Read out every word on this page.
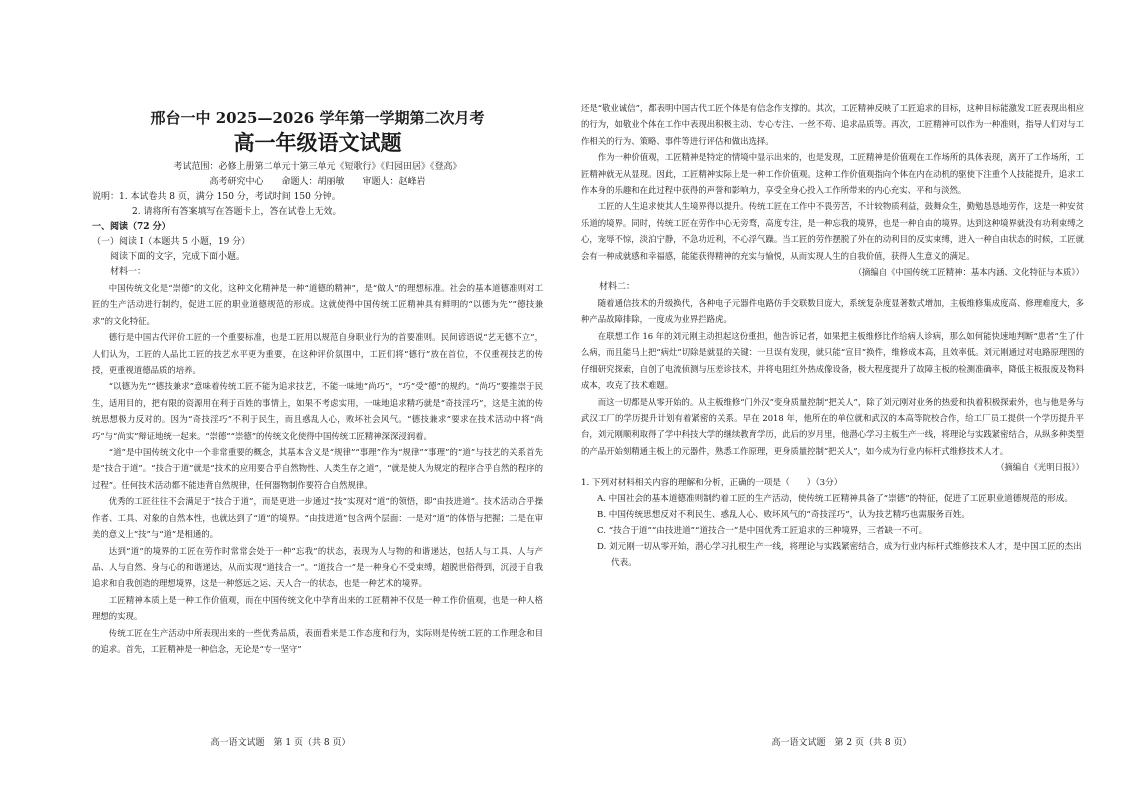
邢台一中 2025—2026 学年第一学期第二次月考

高一年级语文试题

考试范围：必修上册第二单元十第三单元《短歌行》《归园田居》《登高》

高考研究中心　　命题人：胡丽敏　　审题人：赵峰岩

说明：1. 本试卷共 8 页，满分 150 分，考试时间 150 分钟。

2. 请将所有答案填写在答题卡上，答在试卷上无效。

一、阅读（72 分）

（一）阅读 I（本题共 5 小题，19 分）

阅读下面的文字，完成下面小题。

材料一：

中国传统文化是“崇德”的文化，这种文化精神是一种“道德的精神”，是“做人”的理想标准。社会的基本道德准则对工匠的生产活动进行制约，促进工匠的职业道德规范的形成。这就使得中国传统工匠精神具有鲜明的“以德为先”“德技兼求”的文化特征。

德行是中国古代评价工匠的一个重要标准，也是工匠用以规范自身职业行为的首要准则。民间谚语说“艺无德不立”，人们认为，工匠的人品比工匠的技艺水平更为重要，在这种评价氛围中，工匠们将“德行”放在首位，不仅重视技艺的传授，更重视道德品质的培养。

“以德为先”“德技兼求”意味着传统工匠不能为追求技艺，不能一味地“尚巧”，“巧”受“德”的规约。“尚巧”要推崇于民生，适用目的，把有限的资源用在利于百姓的事情上，如果不考虑实用，一味地追求精巧就是“奇技淫巧”，这是主流的传统思想极力反对的。因为“奇技淫巧”不利于民生，而且惑乱人心，败坏社会风气。“德技兼求”要求在技术活动中将“尚巧”与“尚实”辩证地统一起来。“崇德”“崇德”的传统文化使得中国传统工匠精神深深浸润着。

“道”是中国传统文化中一个非常重要的概念，其基本含义是“规律”“事理”作为“规律”“事理”的“道”与技艺的关系首先是“技合于道”。“技合于道”就是“技术的应用要合乎自然物性、人类生存之道”，“就是使人为规定的程序合乎自然的程序的过程”。任何技术活动都不能违背自然规律，任何器物制作要符合自然规律。

优秀的工匠往往不会满足于“技合于道”，而是更进一步通过“技”实现对“道”的领悟，即“由技进道”。技术活动合乎操作者、工具、对象的自然本性，也就达到了“道”的境界。“由技进道”包含两个层面：一是对“道”的体悟与把握；二是在审美的意义上“技”与“道”是相通的。

达到“道”的境界的工匠在劳作时常常会处于一种“忘我”的状态，表现为人与物的和谐递达，包括人与工具、人与产品、人与自然、身与心的和谐递达，从而实现“道技合一”。“道技合一”是一种身心不受束缚，超脱世俗得到，沉浸于自我追求和自我创造的理想境界，这是一种悠远之运、天人合一的状态，也是一种艺术的境界。

工匠精神本质上是一种工作价值观，而在中国传统文化中孕育出来的工匠精神不仅是一种工作价值观，也是一种人格理想的实现。

传统工匠在生产活动中所表现出来的一些优秀品质，表面看来是工作态度和行为，实际则是传统工匠的工作理念和目的追求。首先，工匠精神是一种信念，无论是“专一坚守”

高一语文试题　第 1 页（共 8 页）

还是“敬业诚信”，都表明中国古代工匠个体是有信念作支撑的。其次，工匠精神反映了工匠追求的目标，这种目标能激发工匠表现出相应的行为，如敬业个体在工作中表现出积极主动、专心专注、一丝不苟、追求品质等。再次，工匠精神可以作为一种准则，指导人们对与工作相关的行为、策略、事件等进行评估和做出选择。

作为一种价值观，工匠精神是特定的情境中显示出来的，也是发现，工匠精神是价值观在工作场所的具体表现，离开了工作场所，工匠精神就无从显现。因此，工匠精神实际上是一种工作价值观。这种工作价值观指向个体在内在动机的驱使下注重个人技能提升，追求工作本身的乐趣和在此过程中获得的声誉和影响力，享受全身心投入工作所带来的内心充实、平和与淡然。

工匠的人生追求使其人生境界得以提升。传统工匠在工作中不畏劳苦，不计较物质利益，鼓舞众生，勤勉恳恳地劳作，这是一种安贫乐道的境界。同时，传统工匠在劳作中心无旁骛，高度专注，是一种忘我的境界，也是一种自由的境界。达到这种境界就没有功利束缚之心，宠辱不惊，淡泊宁静，不急功近利，不心浮气躁。当工匠的劳作摆脱了外在的动利目的反实束缚，进入一种自由状态的时候，工匠就会有一种成就感和幸福感，能能获得精神的充实与愉悦，从而实现人生的自我价值，获得人生意义的满足。

（摘编自《中国传统工匠精神：基本内涵、文化特征与本质》）

材料二：

随着通信技术的升级换代，各种电子元器件电路仿手交联数目庞大，系统复杂度显著数式增加，主板维修集成度高、修理难度大，多种产品故障排除，一度成为业界拦路虎。

在联想工作 16 年的刘元刚主动担起这份重担，他告诉记者，如果把主板维修比作给病人诊病，那么如何能快速地判断“患者”生了什么病，而且能马上把“病灶”切除是就显的关键：一旦误有发现，就只能“宣目”换件，维修成本高，且效率低。刘元刚通过对电路原理图的仔细研究探索，自创了电流侦测与压差诊技术，并将电阻红外热成像设备，极大程度提升了故障主板的检测准确率，降低主板报废及物料成本，攻克了技术难题。

而这一切都是从零开始的。从主板维修“门外汉”变身质量控制“把关人”，除了刘元刚对业务的热爱和执着积极探索外，也与他是务与武汉工厂的学历提升计划有着紧密的关系。早在 2018 年，他所在的单位就和武汉的本高等院校合作，给工厂员工提供一个学历提升平台，刘元刚顺利取得了学中科技大学的继续教育学历，此后的岁月里，他潜心学习主板生产一线，将理论与实践紧密结合，从纵多种类型的产品开始刻精通主板上的元器件，熟悉工作原理，更身质量控制“把关人”，如今成为行业内标杆式维修技术人才。

（摘编自《光明日报》）

1. 下列对材料相关内容的理解和分析，正确的一项是（　　）（3分）

A. 中国社会的基本道德准则制约着工匠的生产活动，使传统工匠精神具备了“崇德”的特征，促进了工匠职业道德规范的形成。

B. 中国传统思想反对不利民生、惑乱人心、败坏风气的“奇技淫巧”，认为技艺精巧也需服务百姓。

C. “技合于道”“由技进道”“道技合一”是中国优秀工匠追求的三种境界，三者缺一不可。

D. 刘元刚一切从零开始，潜心学习扎根生产一线，将理论与实践紧密结合，成为行业内标杆式维修技术人才，是中国工匠的杰出代表。

高一语文试题　第 2 页（共 8 页）
